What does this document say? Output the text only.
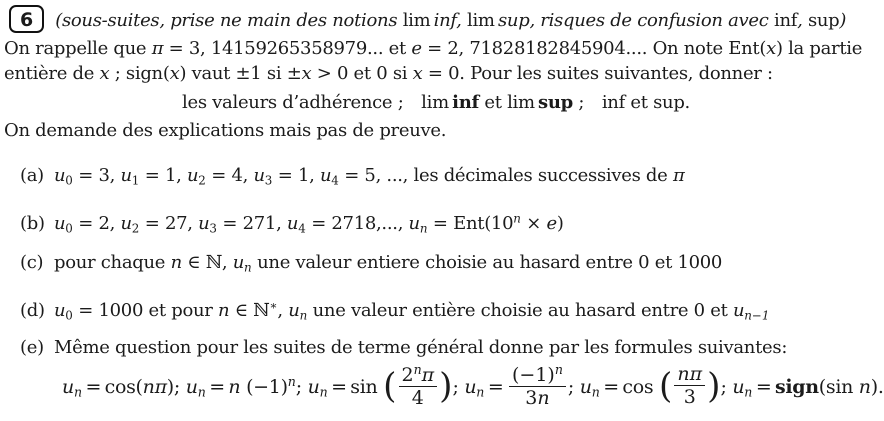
6	(sous-suites, prise ne main des notions lim inf, lim sup, risques de confusion avec inf, sup)
On rappelle que π = 3, 14159265358979... et e = 2, 71828182845904.... On note Ent(x) la partie
entière de x ; sign(x) vaut ±1 si ±x > 0 et 0 si x = 0. Pour les suites suivantes, donner :
les valeurs d’adhérence ; lim inf et lim sup ; inf et sup.
On demande des explications mais pas de preuve.
(a) $u_0 = 3$, $u_1 = 1$, $u_2 = 4$, $u_3 = 1$, $u_4 = 5$, ..., les décimales successives de π
(b) $u_0 = 2$, $u_2 = 27$, $u_3 = 271$, $u_4 = 2718$,..., $u_n = Ent(10^n \times e)$
(c) pour chaque n ∈ ℕ, $u_n$ une valeur entiere choisie au hasard entre 0 et 1000
(d) $u_0 = 1000$ et pour n ∈ ℕ∗, $u_n$ une valeur entière choisie au hasard entre 0 et $u_{n-1}$
(e) Même question pour les suites de terme général donne par les formules suivantes:
$u_n = \cos(n\pi)$; $u_n = n$ $(-1)^n$; $u_n = \sin$ ( $\frac{2^n\pi}{4}$ ); $u_n = \frac{(-1)^n}{3n}$ ; $u_n = \cos$ ( $\frac{n\pi}{3}$ ); $u_n$ = sign(sin n).
